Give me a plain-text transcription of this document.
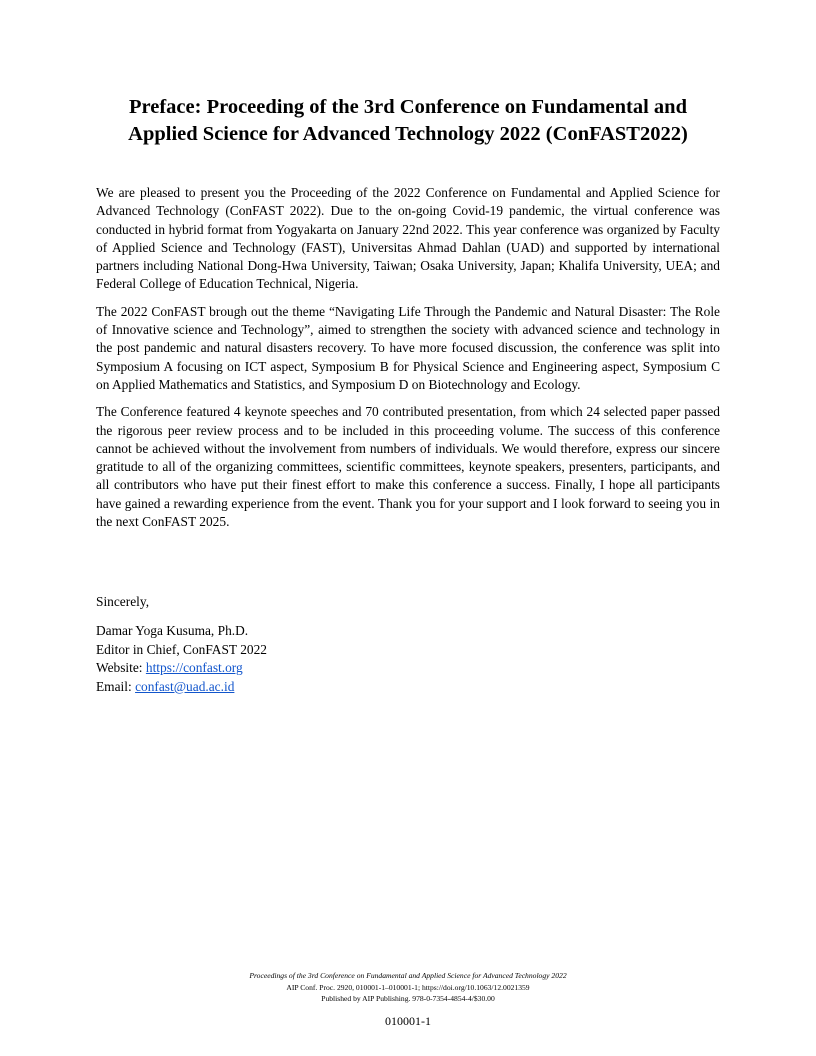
Preface: Proceeding of the 3rd Conference on Fundamental and
Applied Science for Advanced Technology 2022 (ConFAST2022)

We are pleased to present you the Proceeding of the 2022 Conference on Fundamental and Applied Science for Advanced Technology (ConFAST 2022). Due to the on-going Covid-19 pandemic, the virtual conference was conducted in hybrid format from Yogyakarta on January 22nd 2022. This year conference was organized by Faculty of Applied Science and Technology (FAST), Universitas Ahmad Dahlan (UAD) and supported by international partners including National Dong-Hwa University, Taiwan; Osaka University, Japan; Khalifa University, UEA; and Federal College of Education Technical, Nigeria.

The 2022 ConFAST brough out the theme “Navigating Life Through the Pandemic and Natural Disaster: The Role of Innovative science and Technology”, aimed to strengthen the society with advanced science and technology in the post pandemic and natural disasters recovery. To have more focused discussion, the conference was split into Symposium A focusing on ICT aspect, Symposium B for Physical Science and Engineering aspect, Symposium C on Applied Mathematics and Statistics, and Symposium D on Biotechnology and Ecology.

The Conference featured 4 keynote speeches and 70 contributed presentation, from which 24 selected paper passed the rigorous peer review process and to be included in this proceeding volume. The success of this conference cannot be achieved without the involvement from numbers of individuals. We would therefore, express our sincere gratitude to all of the organizing committees, scientific committees, keynote speakers, presenters, participants, and all contributors who have put their finest effort to make this conference a success. Finally, I hope all participants have gained a rewarding experience from the event. Thank you for your support and I look forward to seeing you in the next ConFAST 2025.

Sincerely,
Damar Yoga Kusuma, Ph.D.
Editor in Chief, ConFAST 2022
Website: https://confast.org
Email: confast@uad.ac.id
Proceedings of the 3rd Conference on Fundamental and Applied Science for Advanced Technology 2022
AIP Conf. Proc. 2920, 010001-1–010001-1; https://doi.org/10.1063/12.0021359
Published by AIP Publishing. 978-0-7354-4854-4/$30.00
010001-1
